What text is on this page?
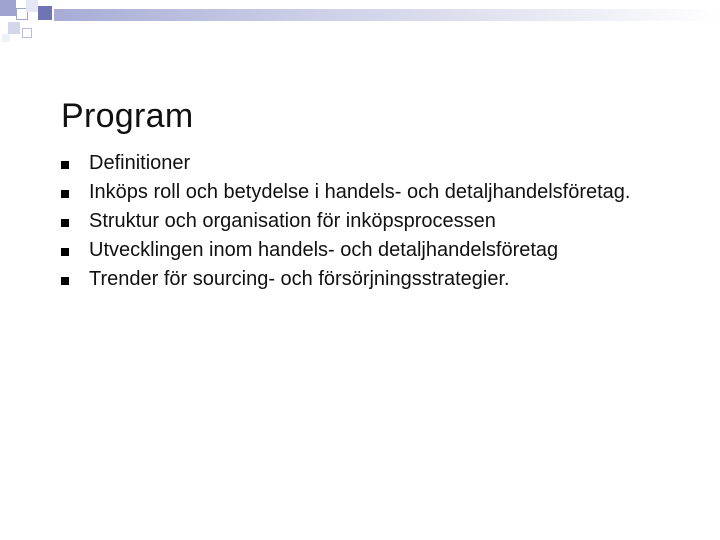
Program
Definitioner
Inköps roll och betydelse i handels- och detaljhandelsföretag.
Struktur och organisation för inköpsprocessen
Utvecklingen inom handels- och detaljhandelsföretag
Trender för sourcing- och försörjningsstrategier.
